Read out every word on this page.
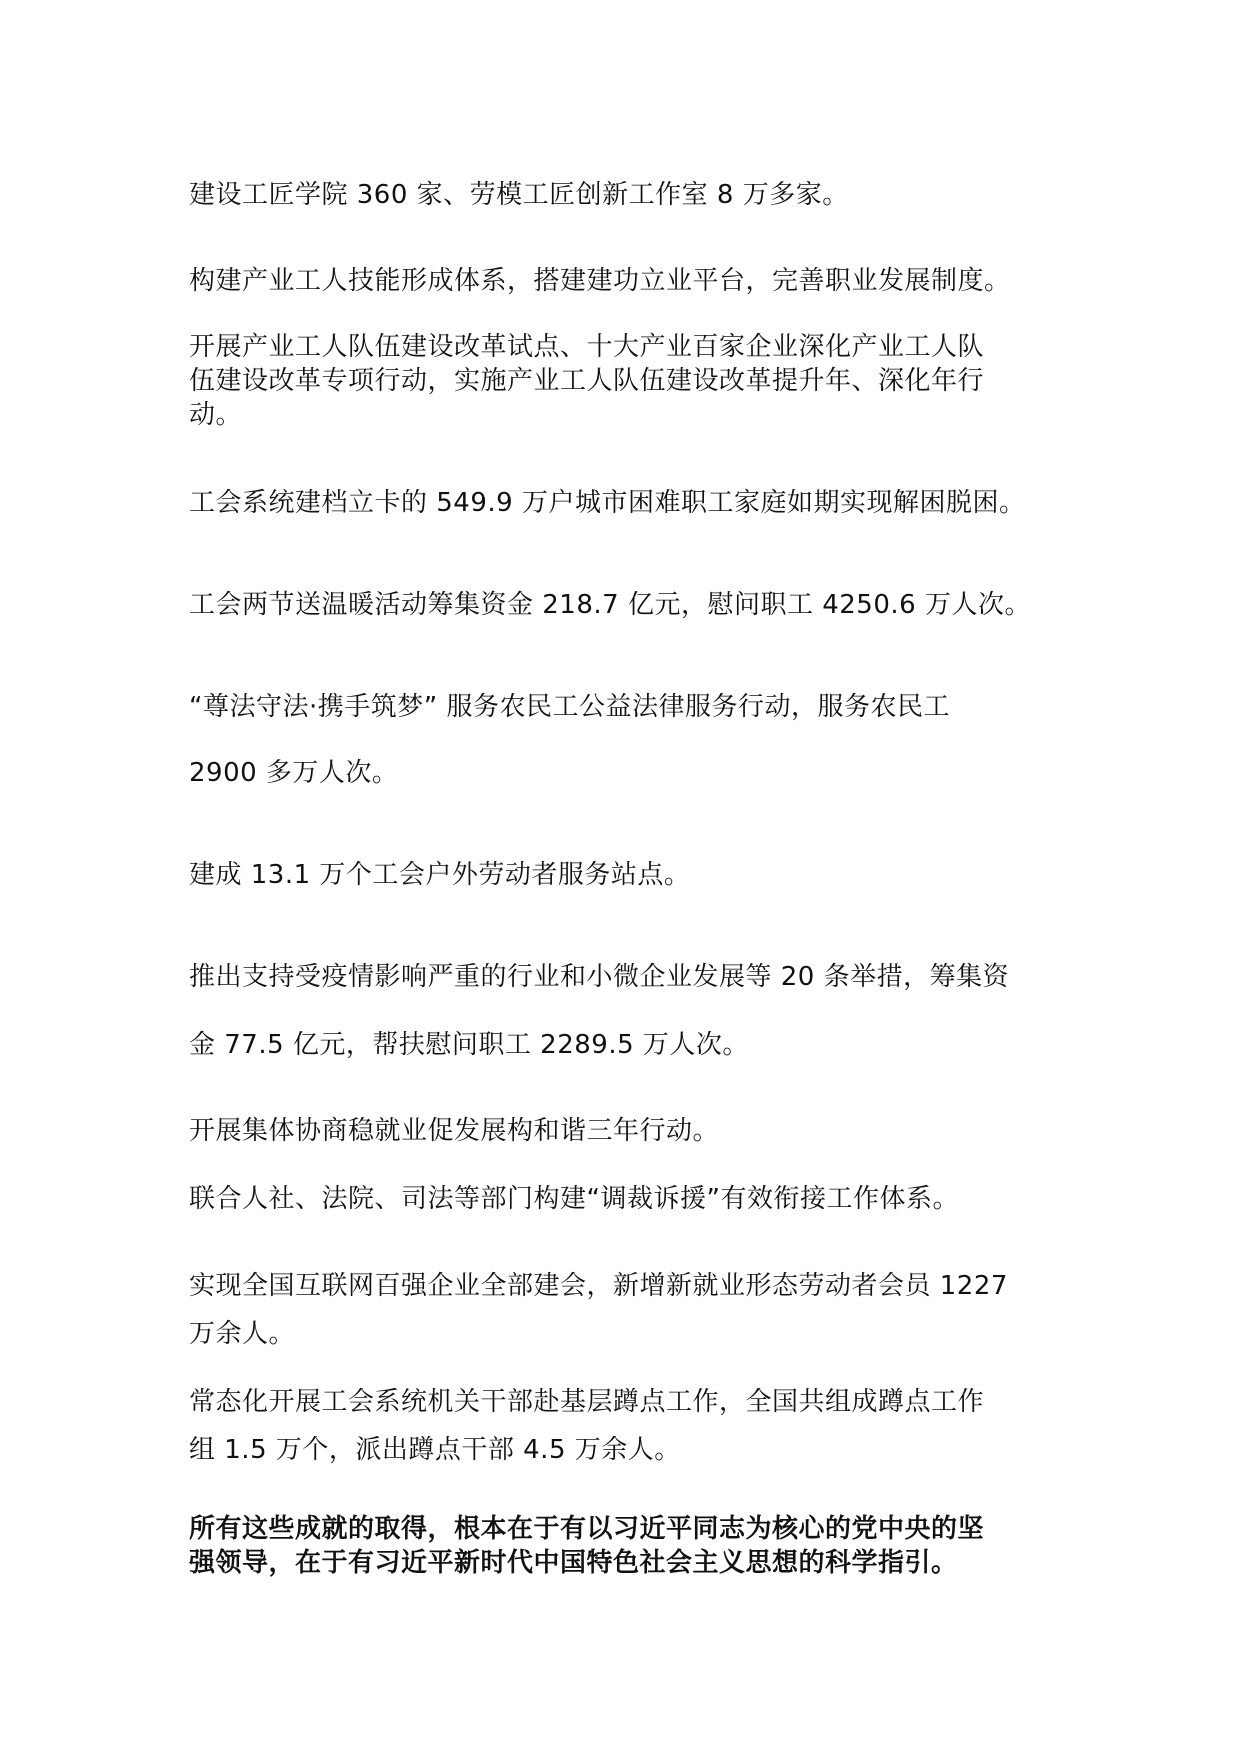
建设工匠学院 360 家、劳模工匠创新工作室 8 万多家。

构建产业工人技能形成体系，搭建建功立业平台，完善职业发展制度。

开展产业工人队伍建设改革试点、十大产业百家企业深化产业工人队
伍建设改革专项行动，实施产业工人队伍建设改革提升年、深化年行
动。

工会系统建档立卡的 549.9 万户城市困难职工家庭如期实现解困脱困。

工会两节送温暖活动筹集资金 218.7 亿元，慰问职工 4250.6 万人次。

“尊法守法·携手筑梦” 服务农民工公益法律服务行动，服务农民工

2900 多万人次。

建成 13.1 万个工会户外劳动者服务站点。

推出支持受疫情影响严重的行业和小微企业发展等 20 条举措，筹集资

金 77.5 亿元，帮扶慰问职工 2289.5 万人次。

开展集体协商稳就业促发展构和谐三年行动。

联合人社、法院、司法等部门构建“调裁诉援”有效衔接工作体系。

实现全国互联网百强企业全部建会，新增新就业形态劳动者会员 1227
万余人。

常态化开展工会系统机关干部赴基层蹲点工作，全国共组成蹲点工作
组 1.5 万个，派出蹲点干部 4.5 万余人。

所有这些成就的取得，根本在于有以习近平同志为核心的党中央的坚
强领导，在于有习近平新时代中国特色社会主义思想的科学指引。
